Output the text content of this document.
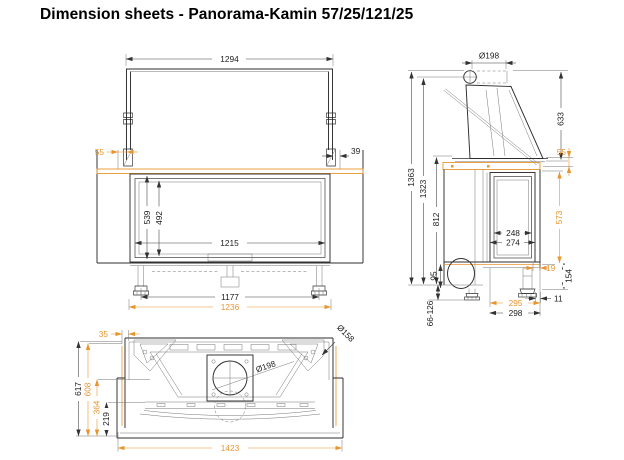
Dimension sheets - Panorama-Kamin 57/25/121/25
1294
55	39
539 492
1215
1177
1236
Ø198
633
55
1363
1323
812
248
274
573
19
154
11
95
66-126	295
298
Ø198
35	Ø158
617 608
364
219
1423
